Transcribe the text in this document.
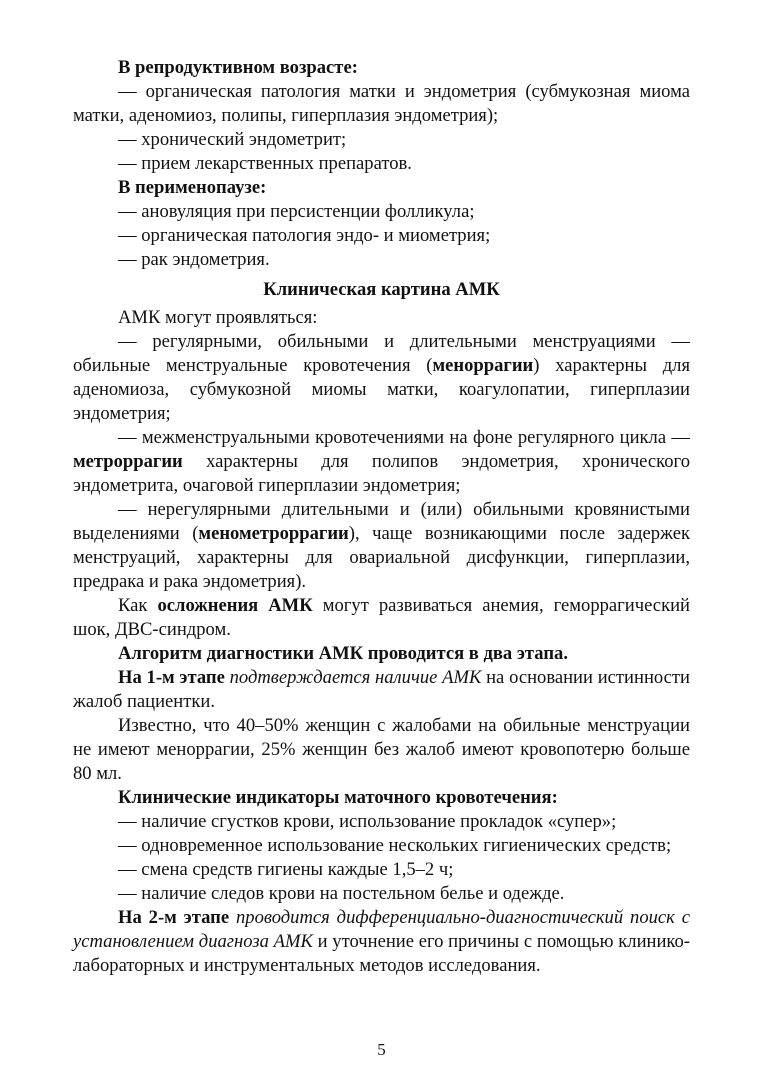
В репродуктивном возрасте:

— органическая патология матки и эндометрия (субмукозная миома матки, аденомиоз, полипы, гиперплазия эндометрия);

— хронический эндометрит;

— прием лекарственных препаратов.

В перименопаузе:

— ановуляция при персистенции фолликула;

— органическая патология эндо- и миометрия;

— рак эндометрия.

Клиническая картина АМК

АМК могут проявляться:

— регулярными, обильными и длительными менструациями — обильные менструальные кровотечения (меноррагии) характерны для аденомиоза, субмукозной миомы матки, коагулопатии, гиперплазии эндометрия;

— межменструальными кровотечениями на фоне регулярного цикла — метроррагии характерны для полипов эндометрия, хронического эндометрита, очаговой гиперплазии эндометрия;

— нерегулярными длительными и (или) обильными кровянистыми выделениями (менометроррагии), чаще возникающими после задержек менструаций, характерны для овариальной дисфункции, гиперплазии, предрака и рака эндометрия).

Как осложнения АМК могут развиваться анемия, геморрагический шок, ДВС-синдром.

Алгоритм диагностики АМК проводится в два этапа.

На 1-м этапе подтверждается наличие АМК на основании истинности жалоб пациентки.

Известно, что 40–50% женщин с жалобами на обильные менструации не имеют меноррагии, 25% женщин без жалоб имеют кровопотерю больше 80 мл.

Клинические индикаторы маточного кровотечения:

— наличие сгустков крови, использование прокладок «супер»;

— одновременное использование нескольких гигиенических средств;

— смена средств гигиены каждые 1,5–2 ч;

— наличие следов крови на постельном белье и одежде.

На 2-м этапе проводится дифференциально-диагностический поиск с установлением диагноза АМК и уточнение его причины с помощью клинико-лабораторных и инструментальных методов исследования.

5
